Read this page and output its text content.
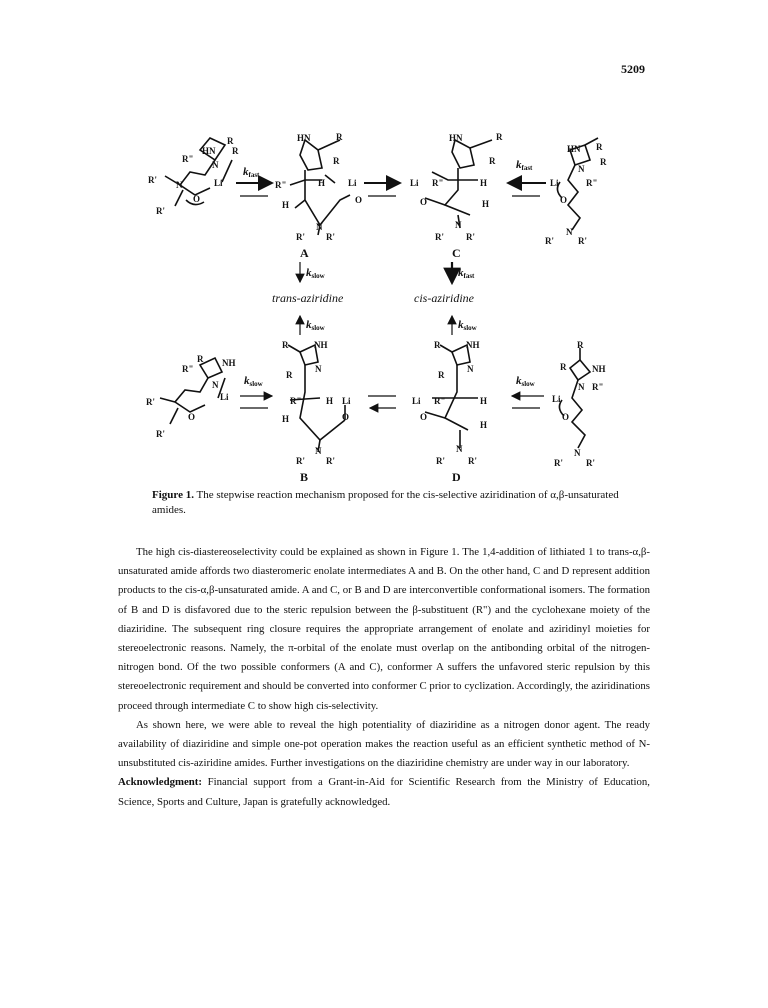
5209
R"
HN
R
R
N
R' N
O
Li
R'
$k_{fast}$
HN	R
R
R"	H	Li
O
H
N
R' R'
A
HN	R
R
Li R"	H
O	H
N
R' R'
C
$k_{fast}$
HN R
R
N
Li	R"
O
N
R'	R'
$k_{slow}$	$k_{fast}$
trans-aziridine	cis-aziridine
$k_{slow}$	$k_{slow}$
R"
R NH
N
R'
O
Li
R'
$k_{slow}$
R	NH
N
R
R"	H Li
H	O
N
R' R'
B
R	NH
N
R
Li R"	H
O
H
N
R'	R'
D
$k_{slow}$
R
R	NH
N R"
Li
O
N
R'	R'
Figure 1. The stepwise reaction mechanism proposed for the cis-selective aziridination of α,β-unsaturated amides.

The high cis-diastereoselectivity could be explained as shown in Figure 1. The 1,4-addition of lithiated 1 to trans-α,β-unsaturated amide affords two diasteromeric enolate intermediates A and B. On the other hand, C and D represent addition products to the cis-α,β-unsaturated amide. A and C, or B and D are interconvertible conformational isomers. The formation of B and D is disfavored due to the steric repulsion between the β-substituent (R") and the cyclohexane moiety of the diaziridine. The subsequent ring closure requires the appropriate arrangement of enolate and aziridinyl moieties for stereoelectronic reasons. Namely, the π-orbital of the enolate must overlap on the antibonding orbital of the nitrogen-nitrogen bond. Of the two possible conformers (A and C), conformer A suffers the unfavored steric repulsion by this stereoelectronic requirement and should be converted into conformer C prior to cyclization. Accordingly, the aziridinations proceed through intermediate C to show high cis-selectivity.

As shown here, we were able to reveal the high potentiality of diaziridine as a nitrogen donor agent. The ready availability of diaziridine and simple one-pot operation makes the reaction useful as an efficient synthetic method of N-unsubstituted cis-aziridine amides. Further investigations on the diaziridine chemistry are under way in our laboratory.

Acknowledgment: Financial support from a Grant-in-Aid for Scientific Research from the Ministry of Education, Science, Sports and Culture, Japan is gratefully acknowledged.
